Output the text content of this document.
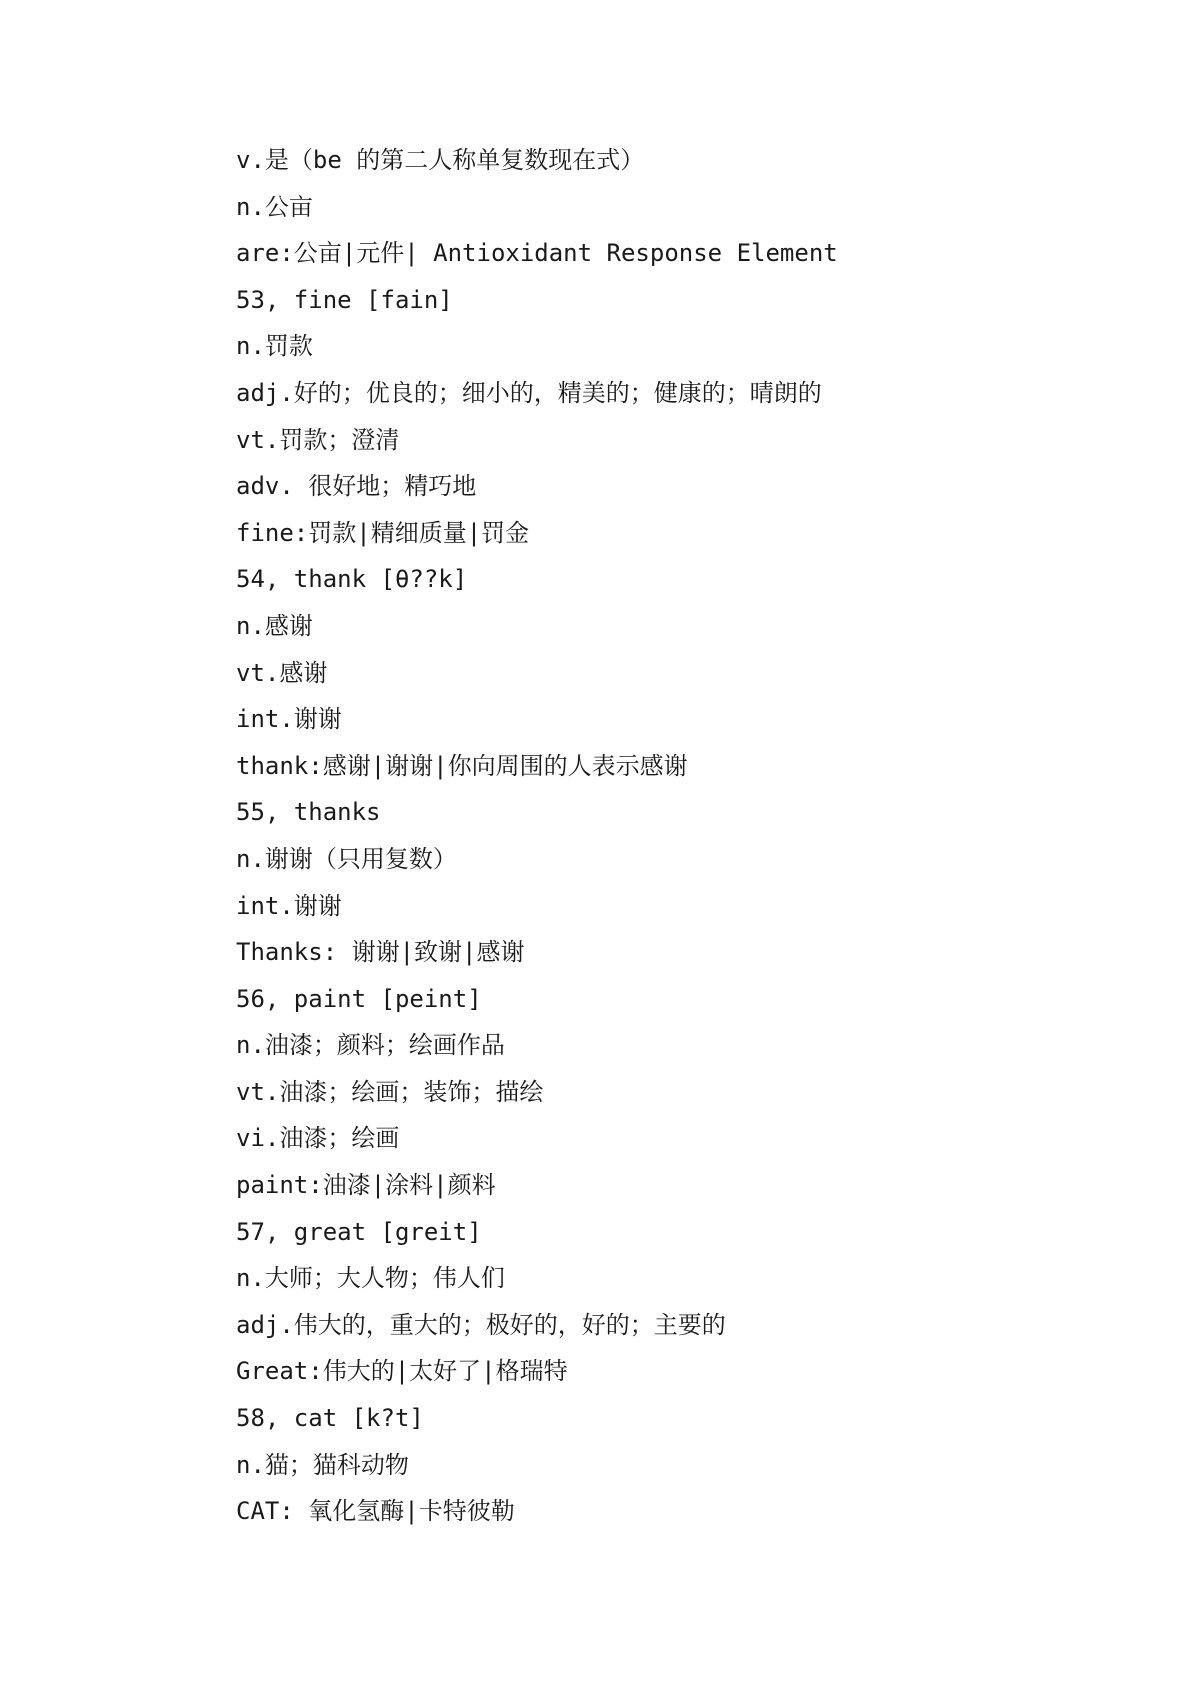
v.是（be 的第二人称单复数现在式）
n.公亩
are:公亩|元件| Antioxidant Response Element
53, fine [fain]
n.罚款
adj.好的；优良的；细小的，精美的；健康的；晴朗的
vt.罚款；澄清
adv. 很好地；精巧地
fine:罚款|精细质量|罚金
54, thank [θ??k]
n.感谢
vt.感谢
int.谢谢
thank:感谢|谢谢|你向周围的人表示感谢
55, thanks
n.谢谢（只用复数）
int.谢谢
Thanks: 谢谢|致谢|感谢
56, paint [peint]
n.油漆；颜料；绘画作品
vt.油漆；绘画；装饰；描绘
vi.油漆；绘画
paint:油漆|涂料|颜料
57, great [greit]
n.大师；大人物；伟人们
adj.伟大的，重大的；极好的，好的；主要的
Great:伟大的|太好了|格瑞特
58, cat [k?t]
n.猫；猫科动物
CAT: 氧化氢酶|卡特彼勒
